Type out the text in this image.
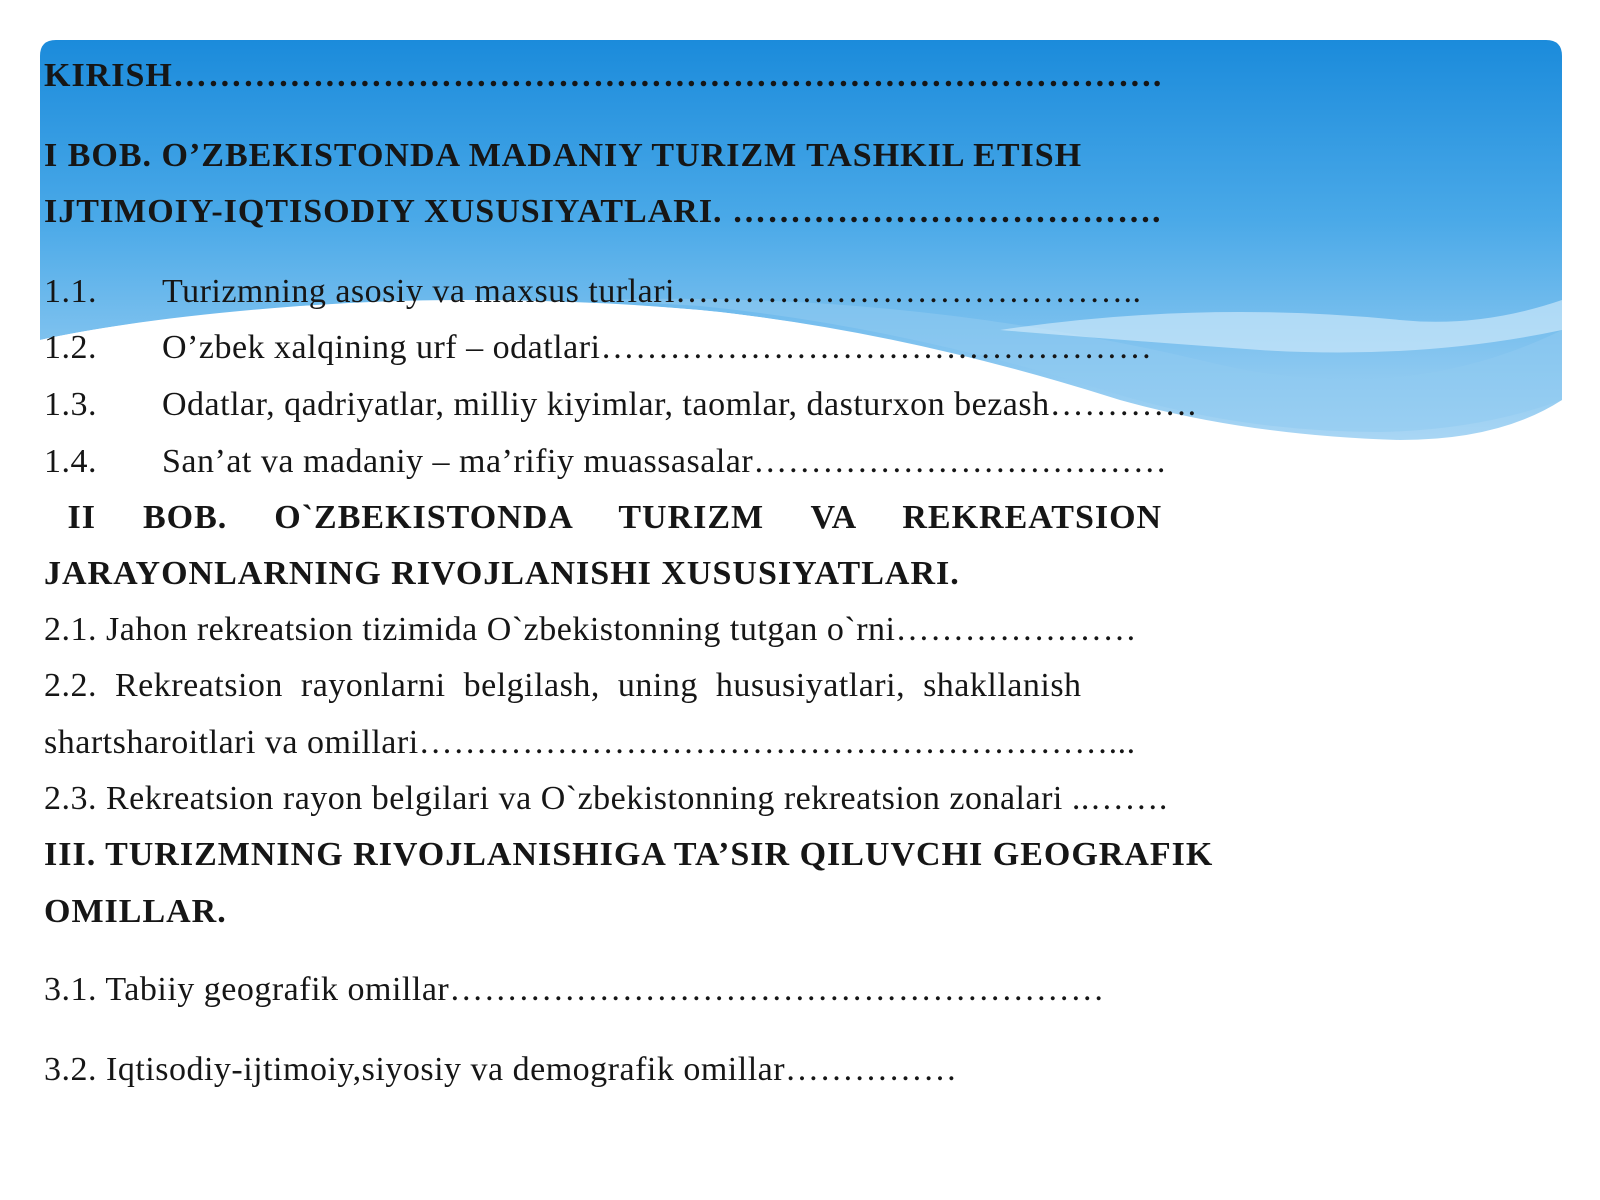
KIRISH………………………………………………………………………….
I BOB. O’ZBEKISTONDA MADANIY TURIZM TASHKIL ETISH
IJTIMOIY-IQTISODIY XUSUSIYATLARI. ……………………………….
1.1. Turizmning asosiy va maxsus turlari…………………………………..
1.2. O’zbek xalqining urf – odatlari…………………………………………
1.3. Odatlar, qadriyatlar, milliy kiyimlar, taomlar, dasturxon bezash………….
1.4. San’at va madaniy – ma’rifiy muassasalar………………………………
II  BOB.  O`ZBEKISTONDA  TURIZM  VA  REKREATSION
JARAYONLARNING RIVOJLANISHI XUSUSIYATLARI.
2.1. Jahon rekreatsion tizimida O`zbekistonning tutgan o`rni…………………
2.2.  Rekreatsion  rayonlarni  belgilash,  uning  hususiyatlari,  shakllanish
shartsharoitlari va omillari……………………………………………………...
2.3. Rekreatsion rayon belgilari va O`zbekistonning rekreatsion zonalari ..…….
III. TURIZMNING RIVOJLANISHIGA TA’SIR QILUVCHI GEOGRAFIK
OMILLAR.
3.1. Tabiiy geografik omillar…………………………………………………
3.2. Iqtisodiy-ijtimoiy,siyosiy va demografik omillar……………
